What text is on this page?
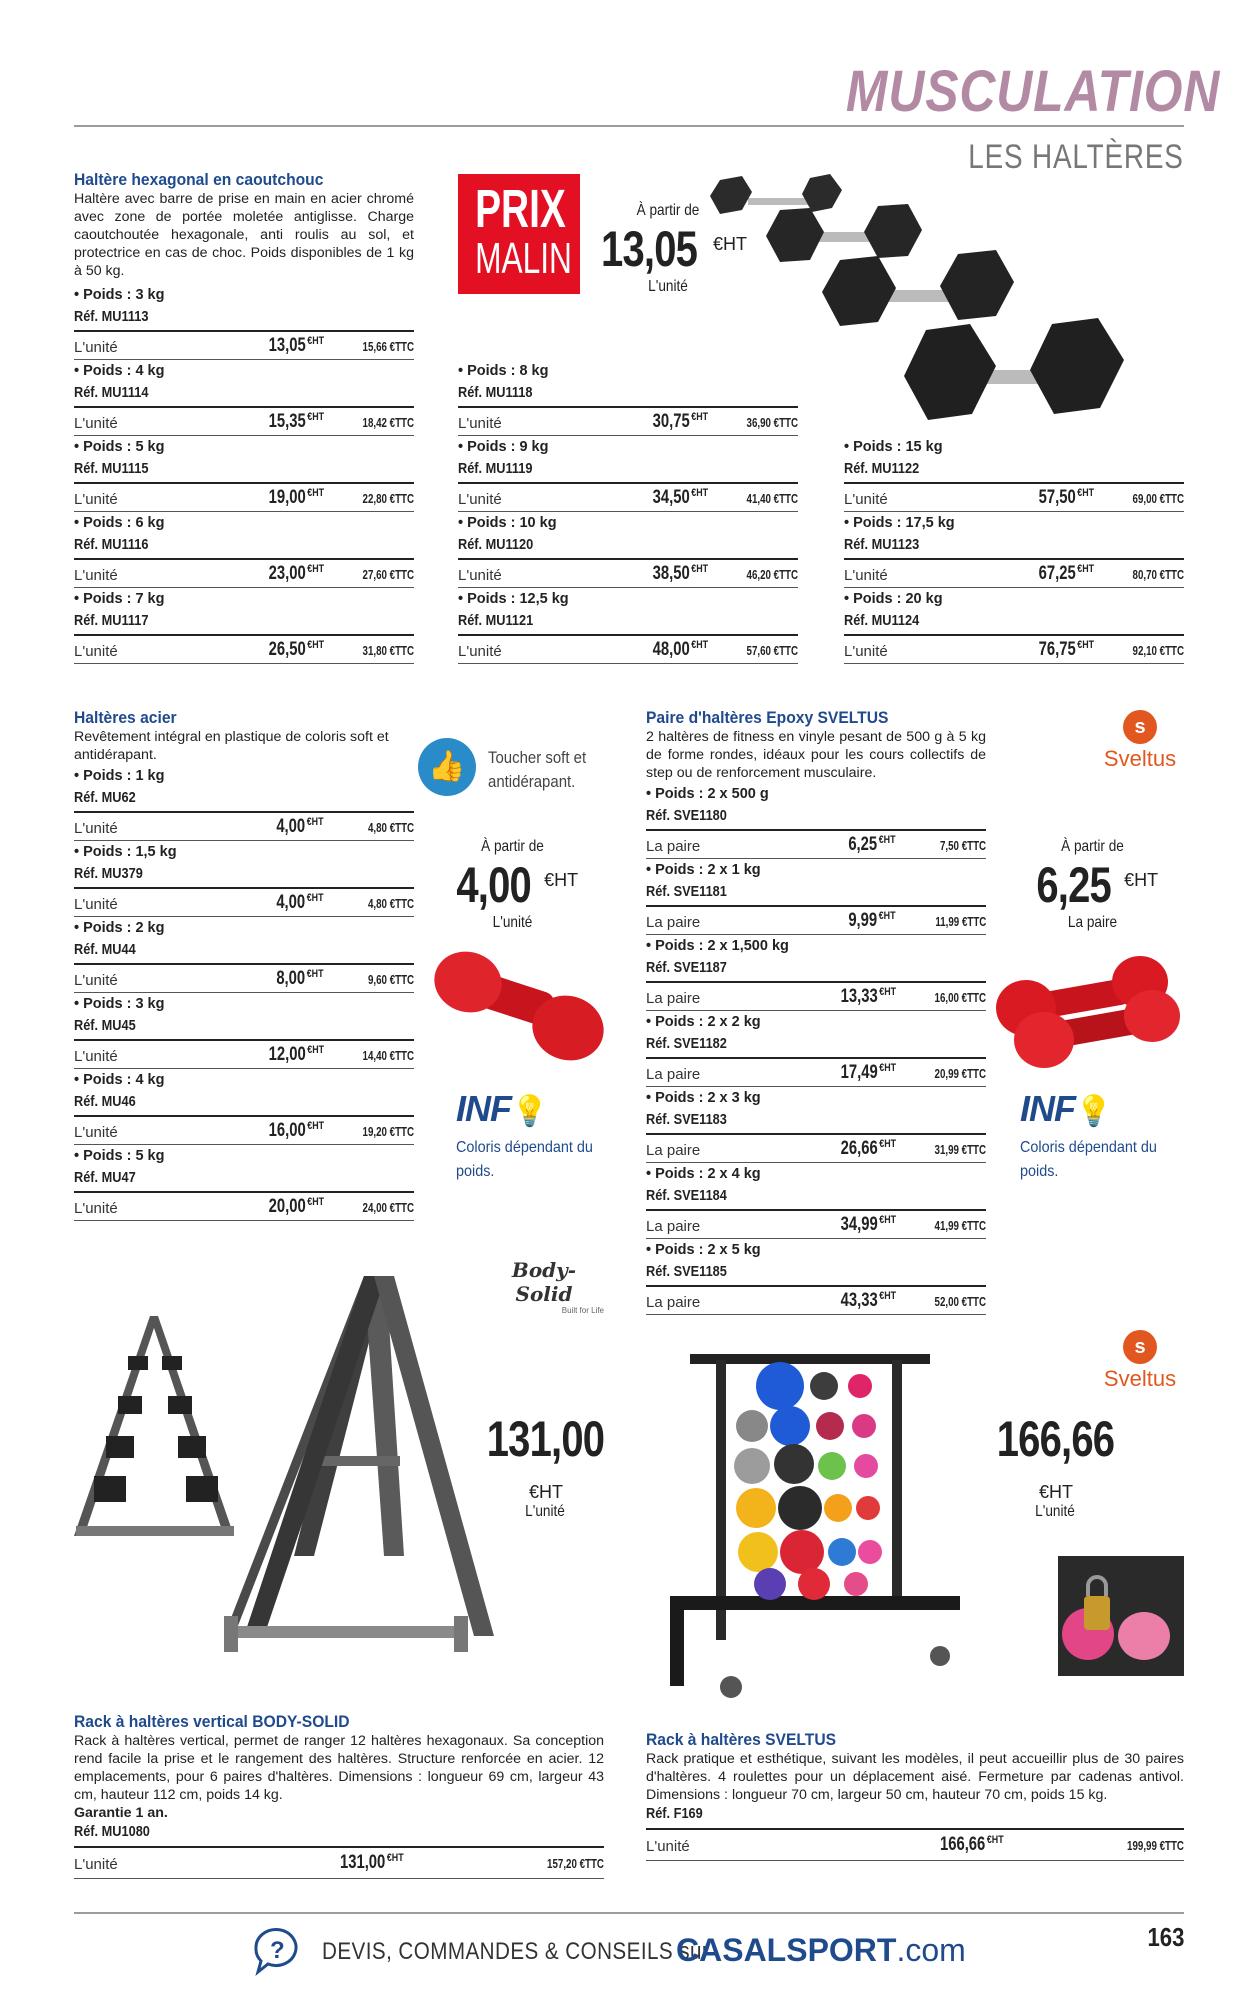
MUSCULATION
LES HALTÈRES
Haltère hexagonal en caoutchouc
Haltère avec barre de prise en main en acier chromé avec zone de portée moletée antiglisse. Charge caoutchoutée hexagonale, anti roulis au sol, et protectrice en cas de choc. Poids disponibles de 1 kg à 50 kg.
PRIX
MALIN
À partir de
13,05 €HT
L'unité
• Poids : 3 kg
Réf. MU1113
L'unité	13,05 $^{€HT}$	15,66 €TTC
• Poids : 4 kg
Réf. MU1114
L'unité	15,35 $^{€HT}$	18,42 €TTC
• Poids : 5 kg
Réf. MU1115
L'unité	19,00 $^{€HT}$	22,80 €TTC
• Poids : 6 kg
Réf. MU1116
L'unité	23,00 $^{€HT}$	27,60 €TTC
• Poids : 7 kg
Réf. MU1117
L'unité	26,50 $^{€HT}$	31,80 €TTC
• Poids : 8 kg
Réf. MU1118
L'unité	30,75 $^{€HT}$	36,90 €TTC
• Poids : 9 kg
Réf. MU1119
L'unité	34,50 $^{€HT}$	41,40 €TTC
• Poids : 10 kg
Réf. MU1120
L'unité	38,50 $^{€HT}$	46,20 €TTC
• Poids : 12,5 kg
Réf. MU1121
L'unité	48,00 $^{€HT}$	57,60 €TTC
• Poids : 15 kg
Réf. MU1122
L'unité	57,50 $^{€HT}$	69,00 €TTC
• Poids : 17,5 kg
Réf. MU1123
L'unité	67,25 $^{€HT}$	80,70 €TTC
• Poids : 20 kg
Réf. MU1124
L'unité	76,75 $^{€HT}$	92,10 €TTC
Haltères acier
Revêtement intégral en plastique de coloris soft et antidérapant.
• Poids : 1 kg
Réf. MU62
L'unité	4,00 $^{€HT}$	4,80 €TTC
• Poids : 1,5 kg
Réf. MU379
L'unité	4,00 $^{€HT}$	4,80 €TTC
• Poids : 2 kg
Réf. MU44
L'unité	8,00 $^{€HT}$	9,60 €TTC
• Poids : 3 kg
Réf. MU45
L'unité	12,00 $^{€HT}$	14,40 €TTC
• Poids : 4 kg
Réf. MU46
L'unité	16,00 $^{€HT}$	19,20 €TTC
• Poids : 5 kg
Réf. MU47
L'unité	20,00 $^{€HT}$	24,00 €TTC
👍	Toucher soft et antidérapant.
À partir de
4,00 €HT
L'unité
INF💡
Coloris dépendant du poids.
Paire d'haltères Epoxy SVELTUS
2 haltères de fitness en vinyle pesant de 500 g à 5 kg de forme rondes, idéaux pour les cours collectifs de step ou de renforcement musculaire.
• Poids : 2 x 500 g
Réf. SVE1180
La paire	6,25 $^{€HT}$	7,50 €TTC
• Poids : 2 x 1 kg
Réf. SVE1181
La paire	9,99 $^{€HT}$	11,99 €TTC
• Poids : 2 x 1,500 kg
Réf. SVE1187
La paire	13,33 $^{€HT}$	16,00 €TTC
• Poids : 2 x 2 kg
Réf. SVE1182
La paire	17,49 $^{€HT}$	20,99 €TTC
• Poids : 2 x 3 kg
Réf. SVE1183
La paire	26,66 $^{€HT}$	31,99 €TTC
• Poids : 2 x 4 kg
Réf. SVE1184
La paire	34,99 $^{€HT}$	41,99 €TTC
• Poids : 2 x 5 kg
Réf. SVE1185
La paire	43,33 $^{€HT}$	52,00 €TTC
s
Sveltus
À partir de
6,25 €HT
La paire
INF💡
Coloris dépendant du poids.
Body-Solid
Built for Life
131,00€HT
L'unité
Rack à haltères vertical BODY-SOLID
Rack à haltères vertical, permet de ranger 12 haltères hexagonaux. Sa conception rend facile la prise et le rangement des haltères. Structure renforcée en acier. 12 emplacements, pour 6 paires d'haltères. Dimensions : longueur 69 cm, largeur 43 cm, hauteur 112 cm, poids 14 kg.
Garantie 1 an.
Réf. MU1080
L'unité	131,00 $^{€HT}$	157,20 €TTC
s
Sveltus
166,66€HT
L'unité
Rack à haltères SVELTUS
Rack pratique et esthétique, suivant les modèles, il peut accueillir plus de 30 paires d'haltères. 4 roulettes pour un déplacement aisé. Fermeture par cadenas antivol. Dimensions : longueur 70 cm, largeur 50 cm, hauteur 70 cm, poids 15 kg.
Réf. F169
L'unité	166,66 $^{€HT}$	199,99 €TTC
? DEVIS, COMMANDES & CONSEILS sur
CASALSPORT.com	163
